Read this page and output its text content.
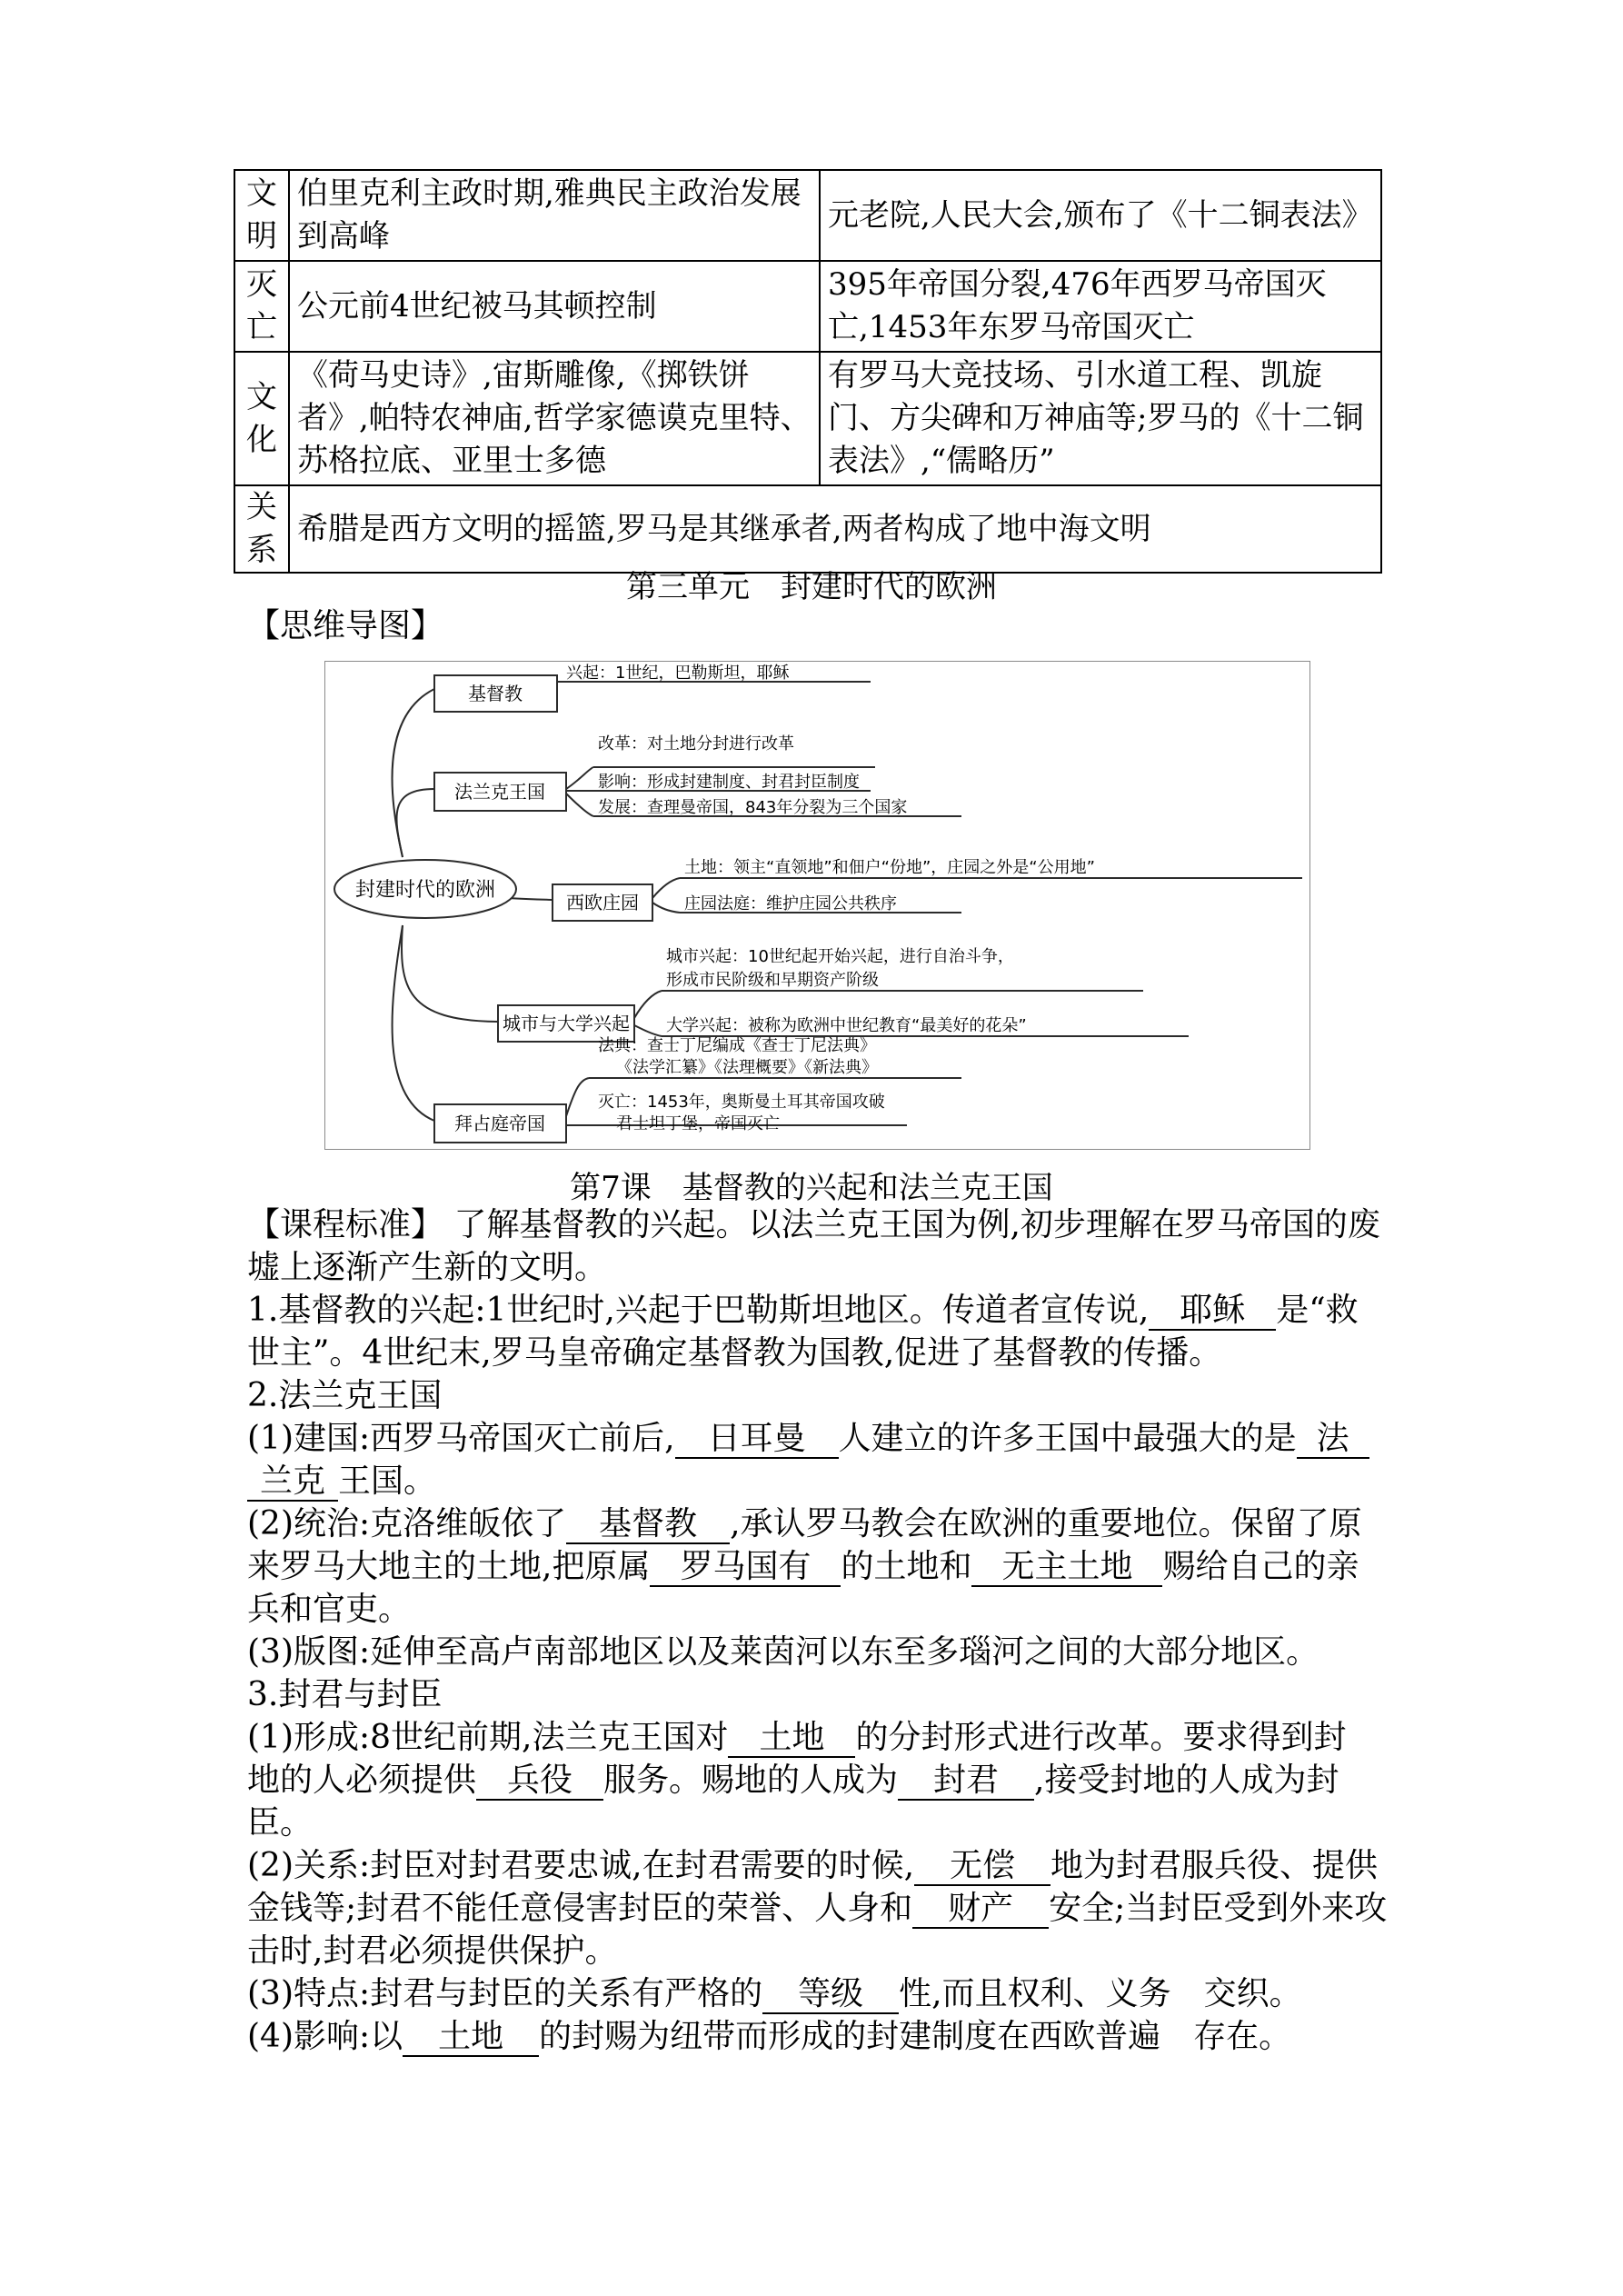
文明	伯里克利主政时期,雅典民主政治发展到高峰	元老院,人民大会,颁布了《十二铜表法》
灭亡	公元前4世纪被马其顿控制	395年帝国分裂,476年西罗马帝国灭亡,1453年东罗马帝国灭亡
文化	《荷马史诗》,宙斯雕像,《掷铁饼者》,帕特农神庙,哲学家德谟克里特、苏格拉底、亚里士多德	有罗马大竞技场、引水道工程、凯旋门、方尖碑和万神庙等;罗马的《十二铜表法》,“儒略历”
关系	希腊是西方文明的摇篮,罗马是其继承者,两者构成了地中海文明	
第三单元　封建时代的欧洲
【思维导图】
封建时代的欧洲
基督教
兴起：1世纪，巴勒斯坦，耶稣
法兰克王国
改革：对土地分封进行改革
影响：形成封建制度、封君封臣制度
发展：查理曼帝国，843年分裂为三个国家
西欧庄园
土地：领主“直领地”和佃户“份地”，庄园之外是“公用地”
庄园法庭：维护庄园公共秩序
城市与大学兴起
城市兴起：10世纪起开始兴起，进行自治斗争，
形成市民阶级和早期资产阶级
大学兴起：被称为欧洲中世纪教育“最美好的花朵”
拜占庭帝国
法典：查士丁尼编成《查士丁尼法典》
《法学汇纂》《法理概要》《新法典》
灭亡：1453年，奥斯曼土耳其帝国攻破
君士坦丁堡，帝国灭亡
第7课　基督教的兴起和法兰克王国
【课程标准】 了解基督教的兴起。以法兰克王国为例,初步理解在罗马帝国的废
墟上逐渐产生新的文明。
1.基督教的兴起:1世纪时,兴起于巴勒斯坦地区。传道者宣传说, 耶稣 是“救
世主”。4世纪末,罗马皇帝确定基督教为国教,促进了基督教的传播。
2.法兰克王国
(1)建国:西罗马帝国灭亡前后, 日耳曼 人建立的许多王国中最强大的是 法
兰克 王国。
(2)统治:克洛维皈依了 基督教 ,承认罗马教会在欧洲的重要地位。保留了原
来罗马大地主的土地,把原属 罗马国有 的土地和 无主土地 赐给自己的亲
兵和官吏。
(3)版图:延伸至高卢南部地区以及莱茵河以东至多瑙河之间的大部分地区。
3.封君与封臣
(1)形成:8世纪前期,法兰克王国对 土地 的分封形式进行改革。要求得到封
地的人必须提供 兵役 服务。赐地的人成为 封君 ,接受封地的人成为封
臣。
(2)关系:封臣对封君要忠诚,在封君需要的时候, 无偿 地为封君服兵役、提供
金钱等;封君不能任意侵害封臣的荣誉、人身和 财产 安全;当封臣受到外来攻
击时,封君必须提供保护。
(3)特点:封君与封臣的关系有严格的 等级 性,而且权利、义务　交织。
(4)影响:以 土地 的封赐为纽带而形成的封建制度在西欧普遍　存在。
